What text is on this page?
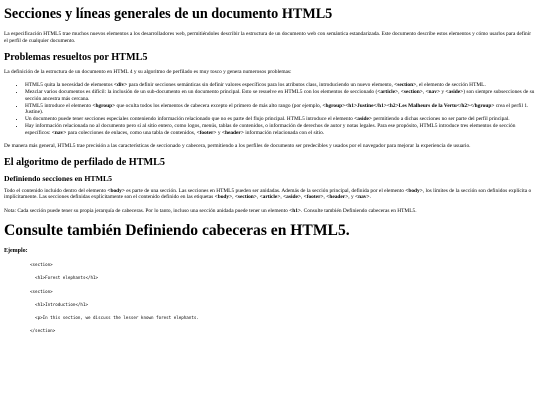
Secciones y líneas generales de un documento HTML5

La especificación HTML5 trae muchos nuevos elementos a los desarrolladores web, permitiéndoles describir la estructura de un documento web con semántica estandarizada. Este documento describe estos elementos y cómo usarlos para definir el perfil de cualquier documento.

Problemas resueltos por HTML5

La definición de la estructura de un documento en HTML 4 y su algoritmo de perfilado es muy tosco y genera numerosos problemas:

• HTML5 quita la necesidad de elementos <div> para definir secciones semánticas sin definir valores específicos para los atributos class, introduciendo un nuevo elemento, <section>, el elemento de sección HTML.
• Mezclar varios documentos es difícil: la inclusión de un sub-documento en un documento principal. Esto se resuelve en HTML5 con los elementos de seccionado (<article>, <section>, <nav> y <aside>) son siempre subsecciones de su sección ancestra más cercana.
• HTML5 introduce el elemento <hgroup> que oculta todos los elementos de cabecera excepto el primero de más alto rango (por ejemplo, <hgroup><h1>Justine</h1><h2>Les Malheurs de la Vertu</h2></hgroup> crea el perfil 1. Justine).
• Un documento puede tener secciones especiales conteniendo información relacionado que no es parte del flujo principal. HTML5 introduce el elemento <aside> permitiendo a dichas secciones no ser parte del perfil principal.
• Hay información relacionada no al documento pero sí al sitio entero, como logos, menús, tablas de contenidos, o información de derechos de autor y notas legales. Para ese propósito, HTML5 introduce tres elementos de sección específicos: <nav> para colecciones de enlaces, como una tabla de contenidos, <footer> y <header> información relacionada con el sitio.

De manera más general, HTML5 trae precisión a las características de seccionado y cabecera, permitiendo a los perfiles de documento ser predecibles y usados por el navegador para mejorar la experiencia de usuario.

El algoritmo de perfilado de HTML5
Definiendo secciones en HTML5

Todo el contenido incluido dentro del elemento <body> es parte de una sección. Las secciones en HTML5 pueden ser anidadas. Además de la sección principal, definida por el elemento <body>, los límites de la sección son definidos explícita o implícitamente. Las secciones definidas explícitamente son el contenido definido en las etiquetas <body>, <section>, <article>, <aside>, <footer>, <header>, y <nav>.

Nota: Cada sección puede tener su propia jerarquía de cabeceras. Por lo tanto, incluso una sección anidada puede tener un elemento <h1>. Consulte también Definiendo cabeceras en HTML5.

Consulte también Definiendo cabeceras en HTML5.
Ejemplo:
<section>
<h1>Forest elephants</h1>
<section>
<h1>Introduction</h1>
<p>In this section, we discuss the lesser known forest elephants.
</section>
